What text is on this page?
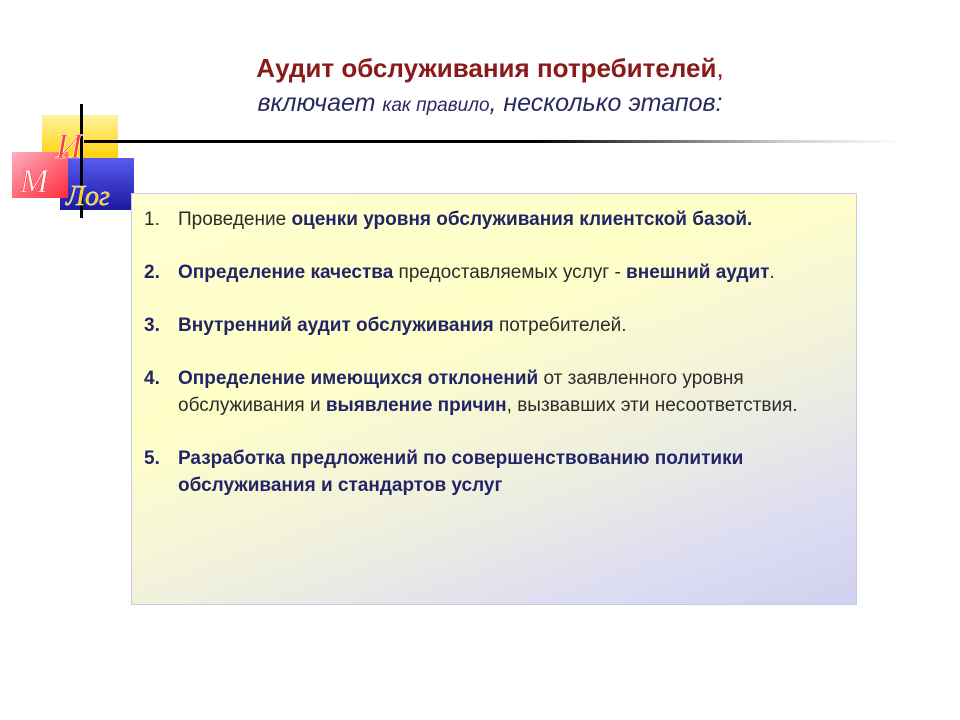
И
М Лог
Аудит обслуживания потребителей,
включает как правило, несколько этапов:
1. Проведение оценки уровня обслуживания клиентской базой.
2. Определение качества предоставляемых услуг - внешний аудит.
3. Внутренний аудит обслуживания потребителей.
4. Определение имеющихся отклонений от заявленного уровня обслуживания и выявление причин, вызвавших эти несоответствия.
5. Разработка предложений по совершенствованию политики обслуживания и стандартов услуг
